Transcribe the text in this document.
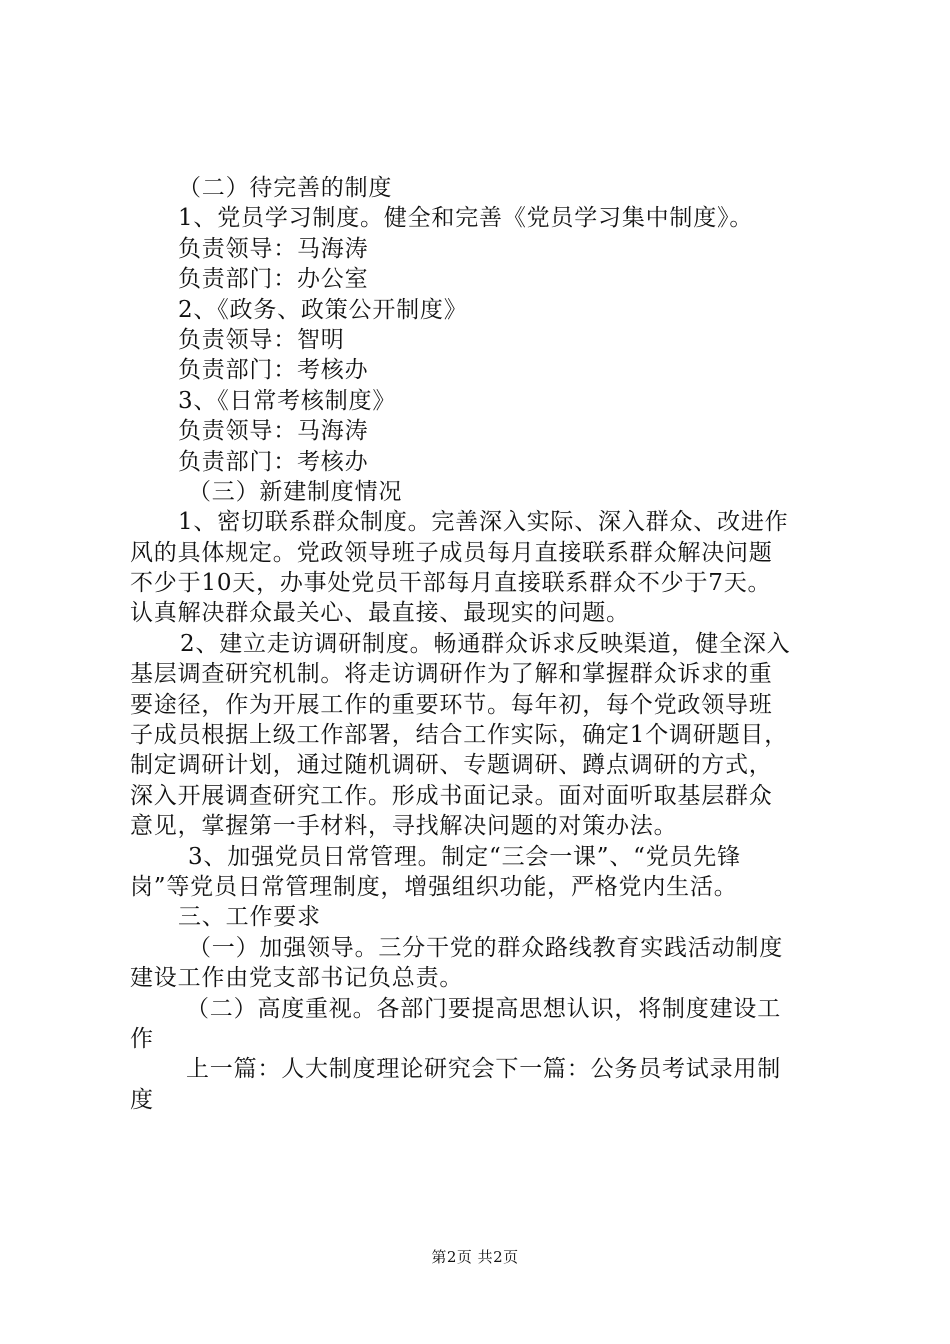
（二）待完善的制度
1、党员学习制度。健全和完善《党员学习集中制度》。
负责领导：马海涛
负责部门：办公室
2、《政务、政策公开制度》
负责领导：智明
负责部门：考核办
3、《日常考核制度》
负责领导：马海涛
负责部门：考核办
（三）新建制度情况
1、密切联系群众制度。完善深入实际、深入群众、改进作
风的具体规定。党政领导班子成员每月直接联系群众解决问题
不少于10天，办事处党员干部每月直接联系群众不少于7天。
认真解决群众最关心、最直接、最现实的问题。
2、建立走访调研制度。畅通群众诉求反映渠道，健全深入
基层调查研究机制。将走访调研作为了解和掌握群众诉求的重
要途径，作为开展工作的重要环节。每年初，每个党政领导班
子成员根据上级工作部署，结合工作实际，确定1个调研题目，
制定调研计划，通过随机调研、专题调研、蹲点调研的方式，
深入开展调查研究工作。形成书面记录。面对面听取基层群众
意见，掌握第一手材料，寻找解决问题的对策办法。
3、加强党员日常管理。制定“三会一课”、“党员先锋
岗”等党员日常管理制度，增强组织功能，严格党内生活。
三、工作要求
（一）加强领导。三分干党的群众路线教育实践活动制度
建设工作由党支部书记负总责。
（二）高度重视。各部门要提高思想认识，将制度建设工
作
上一篇：人大制度理论研究会下一篇：公务员考试录用制
度
第2页 共2页
